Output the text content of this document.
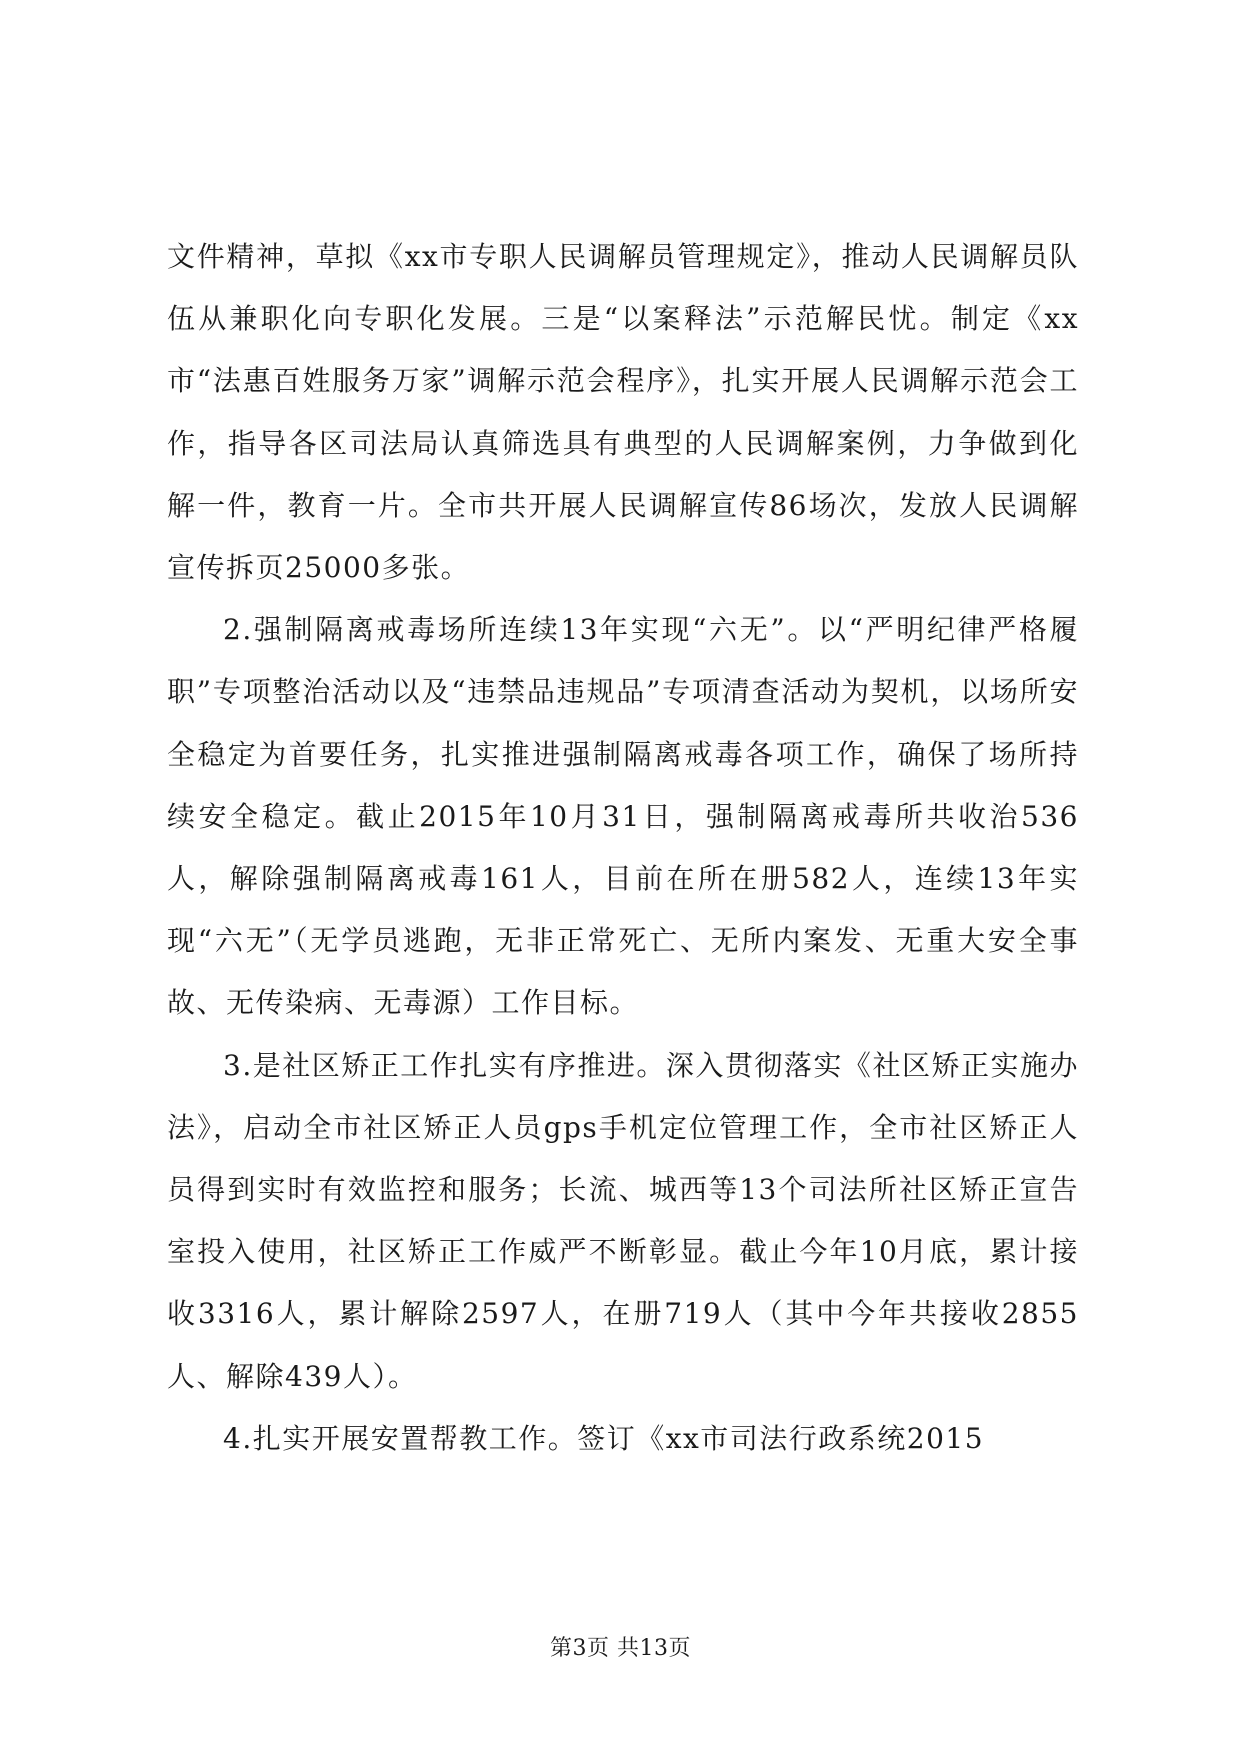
文件精神，草拟《xx市专职人民调解员管理规定》，推动人民调解员队伍从兼职化向专职化发展。三是“以案释法”示范解民忧。制定《xx市“法惠百姓服务万家”调解示范会程序》，扎实开展人民调解示范会工作，指导各区司法局认真筛选具有典型的人民调解案例，力争做到化解一件，教育一片。全市共开展人民调解宣传86场次，发放人民调解宣传拆页25000多张。

2.强制隔离戒毒场所连续13年实现“六无”。以“严明纪律严格履职”专项整治活动以及“违禁品违规品”专项清查活动为契机，以场所安全稳定为首要任务，扎实推进强制隔离戒毒各项工作，确保了场所持续安全稳定。截止2015年10月31日，强制隔离戒毒所共收治536人，解除强制隔离戒毒161人，目前在所在册582人，连续13年实现“六无”（无学员逃跑，无非正常死亡、无所内案发、无重大安全事故、无传染病、无毒源）工作目标。

3.是社区矫正工作扎实有序推进。深入贯彻落实《社区矫正实施办法》，启动全市社区矫正人员gps手机定位管理工作，全市社区矫正人员得到实时有效监控和服务；长流、城西等13个司法所社区矫正宣告室投入使用，社区矫正工作威严不断彰显。截止今年10月底，累计接收3316人，累计解除2597人，在册719人（其中今年共接收2855人、解除439人）。

4.扎实开展安置帮教工作。签订《xx市司法行政系统2015

第3页 共13页
